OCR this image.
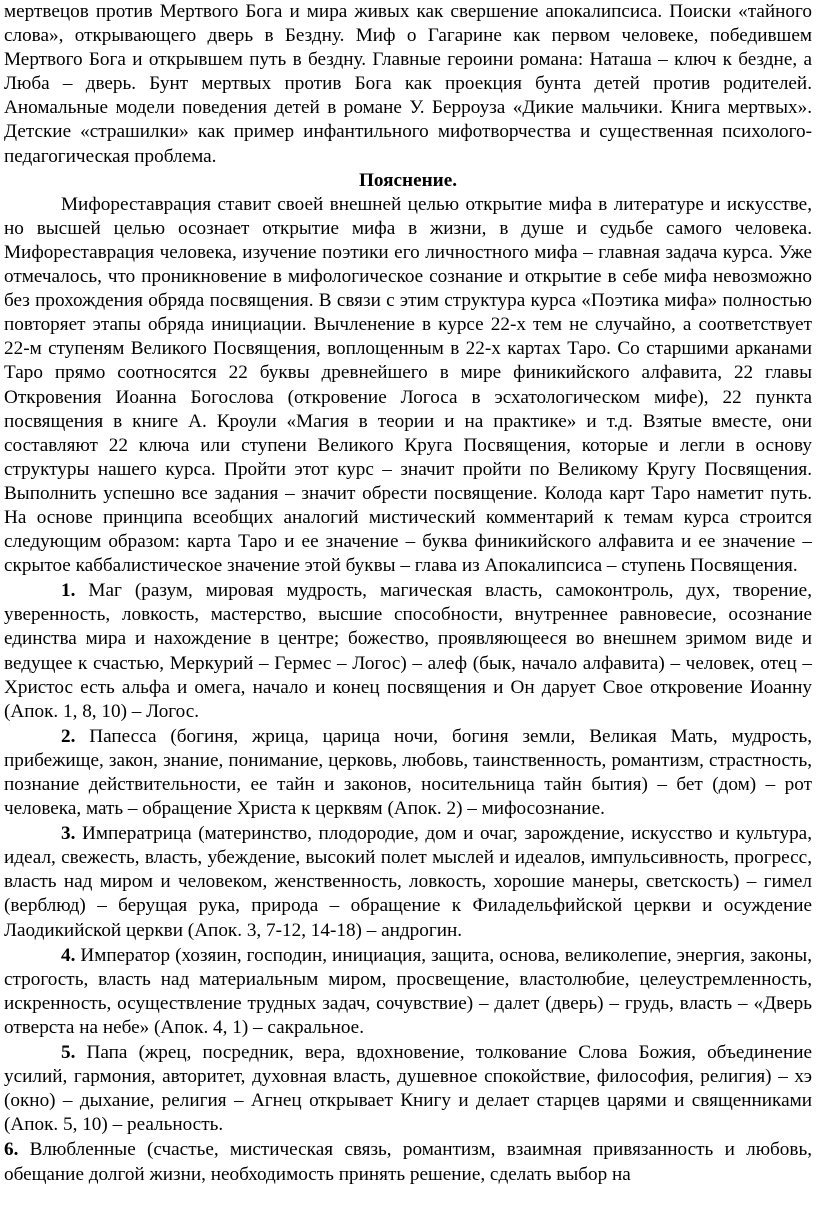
мертвецов против Мертвого Бога и мира живых как свершение апокалипсиса. Поиски «тайного слова», открывающего дверь в Бездну. Миф о Гагарине как первом человеке, победившем Мертвого Бога и открывшем путь в бездну. Главные героини романа: Наташа – ключ к бездне, а Люба – дверь. Бунт мертвых против Бога как проекция бунта детей против родителей. Аномальные модели поведения детей в романе У. Берроуза «Дикие мальчики. Книга мертвых». Детские «страшилки» как пример инфантильного мифотворчества и существенная психолого-педагогическая проблема.

Пояснение.

Мифореставрация ставит своей внешней целью открытие мифа в литературе и искусстве, но высшей целью осознает открытие мифа в жизни, в душе и судьбе самого человека. Мифореставрация человека, изучение поэтики его личностного мифа – главная задача курса. Уже отмечалось, что проникновение в мифологическое сознание и открытие в себе мифа невозможно без прохождения обряда посвящения. В связи с этим структура курса «Поэтика мифа» полностью повторяет этапы обряда инициации. Вычленение в курсе 22-х тем не случайно, а соответствует 22-м ступеням Великого Посвящения, воплощенным в 22-х картах Таро. Со старшими арканами Таро прямо соотносятся 22 буквы древнейшего в мире финикийского алфавита, 22 главы Откровения Иоанна Богослова (откровение Логоса в эсхатологическом мифе), 22 пункта посвящения в книге А. Кроули «Магия в теории и на практике» и т.д. Взятые вместе, они составляют 22 ключа или ступени Великого Круга Посвящения, которые и легли в основу структуры нашего курса. Пройти этот курс – значит пройти по Великому Кругу Посвящения. Выполнить успешно все задания – значит обрести посвящение. Колода карт Таро наметит путь. На основе принципа всеобщих аналогий мистический комментарий к темам курса строится следующим образом: карта Таро и ее значение – буква финикийского алфавита и ее значение – скрытое каббалистическое значение этой буквы – глава из Апокалипсиса – ступень Посвящения.

1. Маг (разум, мировая мудрость, магическая власть, самоконтроль, дух, творение, уверенность, ловкость, мастерство, высшие способности, внутреннее равновесие, осознание единства мира и нахождение в центре; божество, проявляющееся во внешнем зримом виде и ведущее к счастью, Меркурий – Гермес – Логос) – алеф (бык, начало алфавита) – человек, отец – Христос есть альфа и омега, начало и конец посвящения и Он дарует Свое откровение Иоанну (Апок. 1, 8, 10) – Логос.

2. Папесса (богиня, жрица, царица ночи, богиня земли, Великая Мать, мудрость, прибежище, закон, знание, понимание, церковь, любовь, таинственность, романтизм, страстность, познание действительности, ее тайн и законов, носительница тайн бытия) – бет (дом) – рот человека, мать – обращение Христа к церквям (Апок. 2) – мифосознание.

3. Императрица (материнство, плодородие, дом и очаг, зарождение, искусство и культура, идеал, свежесть, власть, убеждение, высокий полет мыслей и идеалов, импульсивность, прогресс, власть над миром и человеком, женственность, ловкость, хорошие манеры, светскость) – гимел (верблюд) – берущая рука, природа – обращение к Филадельфийской церкви и осуждение Лаодикийской церкви (Апок. 3, 7-12, 14-18) – андрогин.

4. Император (хозяин, господин, инициация, защита, основа, великолепие, энергия, законы, строгость, власть над материальным миром, просвещение, властолюбие, целеустремленность, искренность, осуществление трудных задач, сочувствие) – далет (дверь) – грудь, власть – «Дверь отверста на небе» (Апок. 4, 1) – сакральное.

5. Папа (жрец, посредник, вера, вдохновение, толкование Слова Божия, объединение усилий, гармония, авторитет, духовная власть, душевное спокойствие, философия, религия) – хэ (окно) – дыхание, религия – Агнец открывает Книгу и делает старцев царями и священниками (Апок. 5, 10) – реальность.

6. Влюбленные (счастье, мистическая связь, романтизм, взаимная привязанность и любовь, обещание долгой жизни, необходимость принять решение, сделать выбор на
